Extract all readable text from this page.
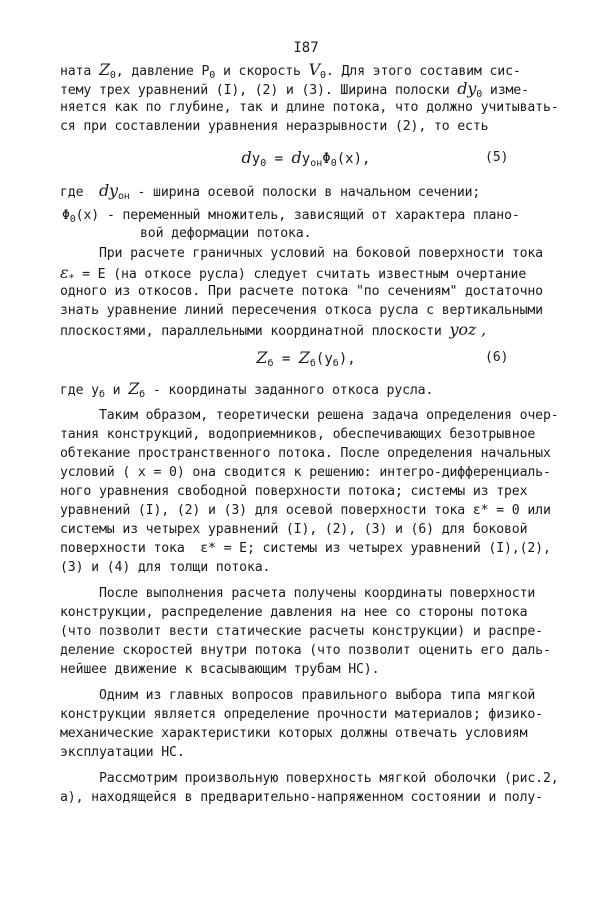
I87
ната $Z_0$, давление $P_0$ и скорость $V_0$. Для этого составим сис-
тему трех уравнений (I), (2) и (3). Ширина полоски $dy_0$ изме-
няется как по глубине, так и длине потока, что должно учитывать-
ся при составлении уравнения неразрывности (2), то есть
$dy_0 = dy_{он}\Phi_0(x)$,	(5)
где  $dy_{он}$ - ширина осевой полоски в начальном сечении;
$\Phi_0(x)$ - переменный множитель, зависящий от характера плано-
вой деформации потока.
При расчете граничных условий на боковой поверхности тока
$\varepsilon_* = E$ (на откосе русла) следует считать известным очертание
одного из откосов. При расчете потока "по сечениям" достаточно
знать уравнение линий пересечения откоса русла с вертикальными
плоскостями, параллельными координатной плоскости yoz ,
$Z_б = Z_б(y_б)$,	(6)
где $y_б$ и $Z_б$ - координаты заданного откоса русла.
Таким образом, теоретически решена задача определения очер-
тания конструкций, водоприемников, обеспечивающих безотрывное
обтекание пространственного потока. После определения начальных
условий ( x = 0) она сводится к решению: интегро-дифференциаль-
ного уравнения свободной поверхности потока; системы из трех
уравнений (I), (2) и (3) для осевой поверхности тока ε* = 0 или
системы из четырех уравнений (I), (2), (3) и (6) для боковой
поверхности тока  ε* = E; системы из четырех уравнений (I),(2),
(3) и (4) для толщи потока.
После выполнения расчета получены координаты поверхности
конструкции, распределение давления на нее со стороны потока
(что позволит вести статические расчеты конструкции) и распре-
деление скоростей внутри потока (что позволит оценить его даль-
нейшее движение к всасывающим трубам НС).
Одним из главных вопросов правильного выбора типа мягкой
конструкции является определение прочности материалов; физико-
механические характеристики которых должны отвечать условиям
эксплуатации НС.
Рассмотрим произвольную поверхность мягкой оболочки (рис.2,
а), находящейся в предварительно-напряженном состоянии и полу-
